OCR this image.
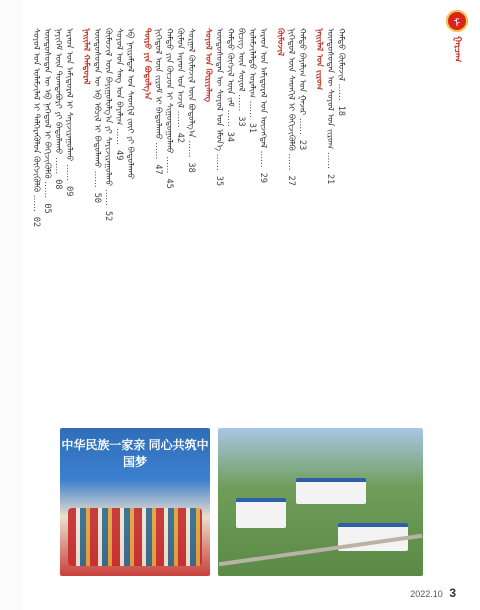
ᠮ
ᠭᠠᠷᠴᠠᠭ
ᠰᠣᠶᠣᠯ ᠤᠨ ᠤᠯᠠᠮᠵᠢᠯᠠᠯ ᠢ ᠳᠡᠯᠭᠡᠷᠡᠭᠦᠯᠦᠨ ᠬᠥᠭᠵᠢᠭᠦᠯᠬᠦ …… 02
ᠦᠨᠳᠦᠰᠦᠲᠡᠨ ᠦ ᠡᠪ ᠨᠡᠭᠡᠳᠦᠯ ᠢ ᠪᠡᠬᠢᠵᠢᠭᠦᠯᠬᠦ …… 05
ᠨᠡᠶᠢᠭᠡᠮ ᠦᠨ ᠲᠣᠭᠲᠠᠪᠤᠷᠢ ᠶᠢ ᠪᠠᠲᠤᠯᠠᠬᠤ …… 08
ᠠᠷᠠᠳ ᠤᠨ ᠠᠮᠢᠳᠤᠷᠠᠯ ᠢ ᠰᠠᠶᠢᠵᠢᠷᠠᠭᠤᠯᠬᠤ …… 09
ᠨᠡᠢᠢᠯᠡᠯ ᠬᠠᠮᠲᠤᠷᠠᠯ ᠦᠨᠳᠦᠰᠦᠲᠡᠨ ᠦ ᠡᠪ ᠡᠪᠴᠢᠯ ᠢ ᠪᠠᠲᠤᠯᠠᠬᠤ …… 50 ᠬᠦᠮᠦᠵᠢᠯ ᠦᠨ ᠪᠠᠶᠢᠭᠤᠯᠤᠯᠭ᠎ᠠ ᠶᠢ ᠰᠠᠶᠢᠵᠢᠷᠠᠭᠤᠯᠬᠤ …… 52
ᠰᠣᠶᠣᠯ ᠤᠨ ᠰᠠᠩ ᠤᠨ ᠪᠠᠶᠠᠯᠢᠭ …… 49 ᠡᠪ ᠨᠠᠢᠷᠠᠮᠳᠠᠯ ᠤᠨ ᠰᠡᠳᠬᠢᠯ ᠵᠦᠢ ᠶᠢ ᠪᠠᠲᠤᠯᠠᠬᠤ ᠲᠥᠷᠦ ᠶᠢᠨ ᠪᠣᠳᠣᠯᠭ᠎ᠠ ᠨᠢᠭᠡᠳᠦᠯ ᠦᠨ ᠵᠢᠷᠤᠮ ᠢ ᠪᠠᠲᠤᠯᠠᠬᠤ …… 47 ᠬᠠᠮᠲᠤ ᠶᠢᠨ ᠬᠦᠴᠦᠨ ᠢ ᠰᠢᠭᠤᠳᠤᠭᠤᠯᠬᠤ …… 45
ᠬᠦᠮᠦᠨ ᠠᠷᠠᠳ ᠤᠨ ᠠᠵᠢᠯ …… 42 ᠰᠤᠷᠭᠠᠯ ᠬᠦᠮᠦᠵᠢᠯ ᠦᠨ ᠪᠣᠳᠣᠯᠭ᠎ᠠ …… 38
ᠰᠣᠶᠣᠯ ᠤᠨ ᠬᠦᠷᠢᠶᠡᠯᠡᠩ ᠦᠨᠳᠦᠰᠦᠲᠡᠨ ᠦ ᠰᠣᠶᠣᠯ ᠤᠨ ᠡᠮᠦᠨ᠎ᠡ …… 35
ᠬᠠᠮᠲᠤ ᠬᠥᠭᠵᠢᠯ ᠦᠨ ᠵᠠᠮ …… 34
ᠪᠢᠴᠢᠭ ᠦᠨ ᠰᠣᠶᠣᠯ …… 33
ᠤᠯᠠᠮᠵᠢᠯᠠᠯᠲᠤ ᠤᠷᠠᠯᠢᠭ …… 31 ᠠᠷᠠᠳ ᠤᠨ ᠠᠮᠢᠳᠤᠷᠠᠯ ᠤᠨ ᠦᠵᠡᠭᠳᠡᠯ …… 29
ᠬᠦᠮᠦᠵᠢᠯ ᠨᠢᠭᠡᠳᠦᠯ ᠦᠨ ᠰᠡᠳᠬᠢᠯ ᠢ ᠪᠡᠬᠢᠵᠢᠭᠦᠯᠬᠦ …… 27
ᠬᠠᠮᠲᠤ ᠪᠠᠶᠠᠯᠢᠭ ᠤᠨ ᠭᠠᠵᠠᠷ …… 23
ᠨᠡᠢᠢᠯᠡᠯ ᠤᠨ ᠵᠢᠷᠤᠭ ᠦᠨᠳᠦᠰᠦᠲᠡᠨ ᠦ ᠰᠣᠶᠣᠯ ᠤᠨ ᠵᠢᠷᠤᠭ …… 21
ᠬᠠᠮᠲᠤ ᠬᠦᠮᠦᠵᠢᠯ …… 18
中华民族一家亲 同心共筑中国梦
2022.10 3
